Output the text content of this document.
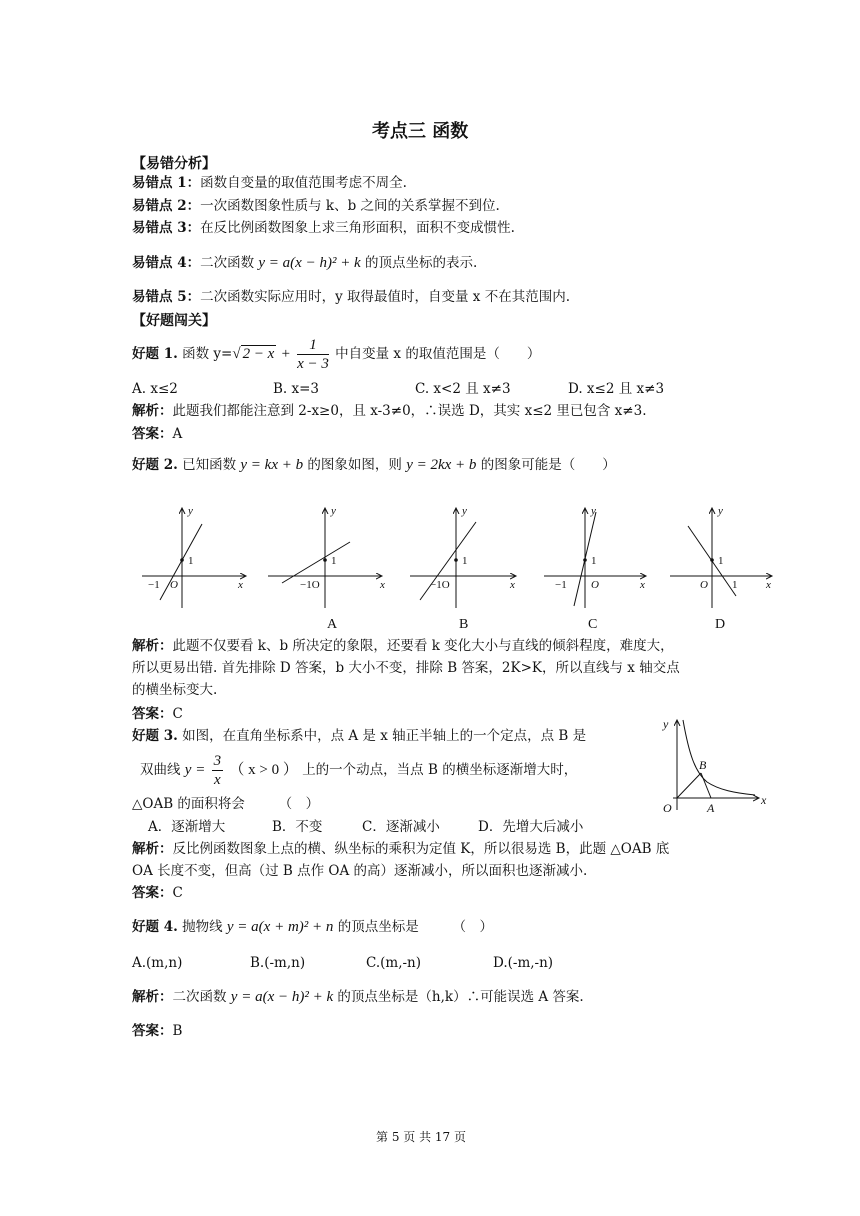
考点三 函数
【易错分析】
易错点 1：函数自变量的取值范围考虑不周全.
易错点 2：一次函数图象性质与 k、b 之间的关系掌握不到位.
易错点 3：在反比例函数图象上求三角形面积，面积不变成惯性.
易错点 4：二次函数 y = a(x − h)² + k 的顶点坐标的表示.
易错点 5：二次函数实际应用时，y 取得最值时，自变量 x 不在其范围内.
【好题闯关】
好题 1. 函数 y=√ $2 - x + \frac{1}{x - 3}$ 中自变量 x 的取值范围是（　　）
A. x≤2	B. x=3	C. x<2 且 x≠3	D. x≤2 且 x≠3
解析：此题我们都能注意到 2-x≥0，且 x-3≠0，∴误选 D，其实 x≤2 里已包含 x≠3.
答案：A
好题 2. 已知函数 y = kx + b 的图象如图，则 y = 2kx + b 的图象可能是（　　）
y
x
1
−1 O
y
x
1
−1O
y
x
1
−1O
y
x
1
−1 O
y
x
1
O 1
A	B	C	D
解析：此题不仅要看 k、b 所决定的象限，还要看 k 变化大小与直线的倾斜程度，难度大，
所以更易出错. 首先排除 D 答案，b 大小不变，排除 B 答案，2K>K，所以直线与 x 轴交点
的横坐标变大.
答案：C
好题 3. 如图，在直角坐标系中，点 A 是 x 轴正半轴上的一个定点，点 B 是
双曲线 $y = \frac{3}{x}$ （ x > 0 ） 上的一个动点，当点 B 的横坐标逐渐增大时，
△OAB 的面积将会　　　（　）
A．逐渐增大	B．不变	C．逐渐减小	D．先增大后减小
y
x
O	A
B
解析：反比例函数图象上点的横、纵坐标的乘积为定值 K，所以很易选 B，此题 △OAB 底
OA 长度不变，但高（过 B 点作 OA 的高）逐渐减小，所以面积也逐渐减小.
答案：C
好题 4. 抛物线 y = a(x + m)² + n 的顶点坐标是　　　（　）
A.(m,n)	B.(-m,n)	C.(m,-n)	D.(-m,-n)
解析：二次函数 y = a(x − h)² + k 的顶点坐标是（h,k）∴可能误选 A 答案.
答案：B
第 5 页 共 17 页
